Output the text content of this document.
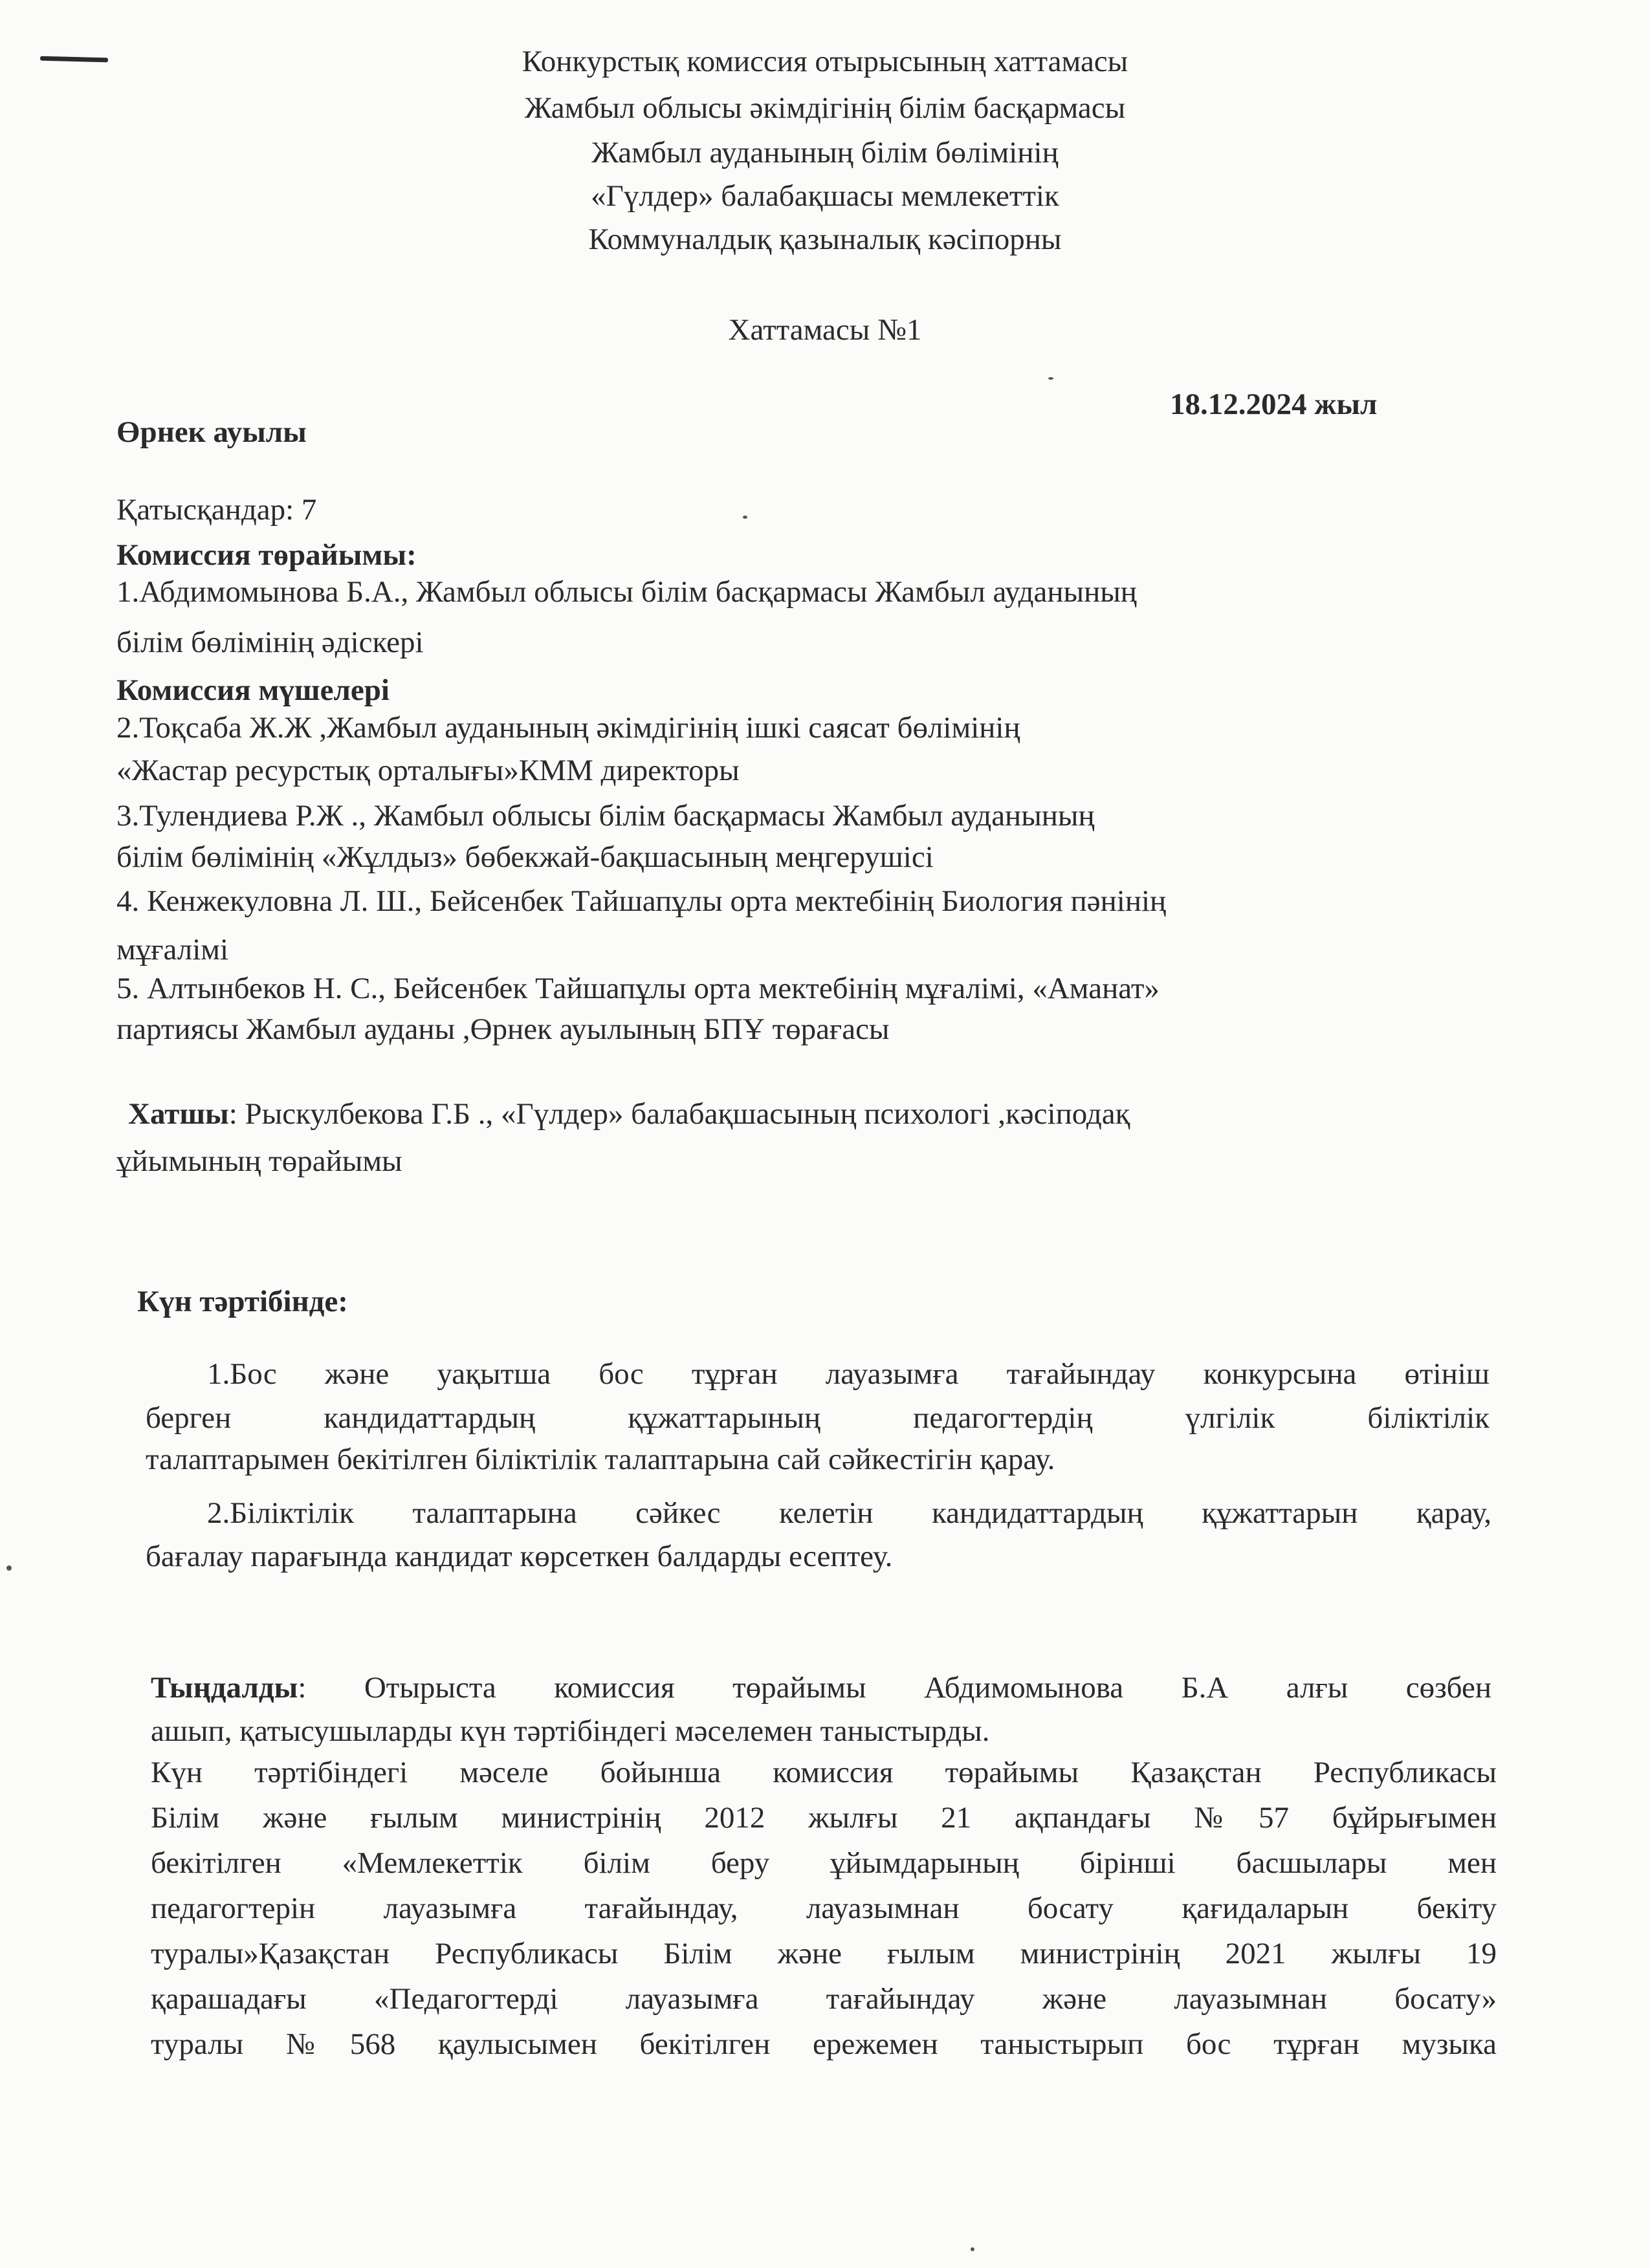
Конкурстық комиссия отырысының хаттамасы
Жамбыл облысы әкімдігінің білім басқармасы
Жамбыл ауданының білім бөлімінің
«Гүлдер» балабақшасы мемлекеттік
Коммуналдық қазыналық кәсіпорны
Хаттамасы №1
18.12.2024 жыл
Өрнек ауылы
Қатысқандар: 7
Комиссия төрайымы:
1.Абдимомынова Б.А., Жамбыл облысы білім басқармасы Жамбыл ауданының
білім бөлімінің әдіскері
Комиссия мүшелері
2.Тоқсаба Ж.Ж ,Жамбыл ауданының әкімдігінің ішкі саясат бөлімінің
«Жастар ресурстық орталығы»КММ директоры
3.Тулендиева Р.Ж ., Жамбыл облысы білім басқармасы Жамбыл ауданының
білім бөлімінің «Жұлдыз» бөбекжай-бақшасының меңгерушісі
4. Кенжекуловна Л. Ш., Бейсенбек Тайшапұлы орта мектебінің Биология пәнінің
мұғалімі
5. Алтынбеков Н. С., Бейсенбек Тайшапұлы орта мектебінің мұғалімі, «Аманат»
партиясы Жамбыл ауданы ,Өрнек ауылының БПҰ төрағасы
Хатшы: Рыскулбекова Г.Б ., «Гүлдер» балабақшасының психологі ,кәсіподақ
ұйымының төрайымы
Күн тәртібінде:
1.Бос және уақытша бос тұрған лауазымға тағайындау конкурсына өтініш
берген кандидаттардың құжаттарының педагогтердің үлгілік біліктілік
талаптарымен бекітілген біліктілік талаптарына сай сәйкестігін қарау.
2.Біліктілік талаптарына сәйкес келетін кандидаттардың құжаттарын қарау,
бағалау парағында кандидат көрсеткен балдарды есептеу.
Тыңдалды: Отырыста комиссия төрайымы Абдимомынова Б.А алғы сөзбен
ашып, қатысушыларды күн тәртібіндегі мәселемен таныстырды.
Күн тәртібіндегі мәселе бойынша комиссия төрайымы Қазақстан Республикасы
Білім және ғылым министрінің 2012 жылғы 21 ақпандағы №57 бұйрығымен
бекітілген «Мемлекеттік білім беру ұйымдарының бірінші басшылары мен
педагогтерін лауазымға тағайындау, лауазымнан босату қағидаларын бекіту
туралы»Қазақстан Республикасы Білім және ғылым министрінің 2021 жылғы 19
қарашадағы «Педагогтерді лауазымға тағайындау және лауазымнан босату»
туралы №568 қаулысымен бекітілген ережемен таныстырып бос тұрған музыка
